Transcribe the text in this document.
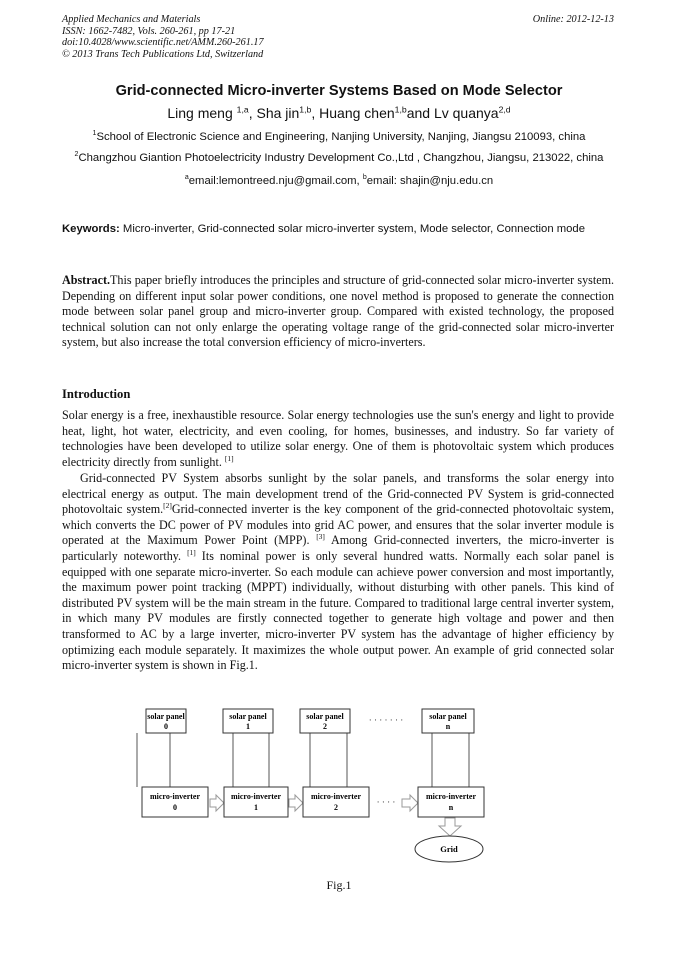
Applied Mechanics and Materials
ISSN: 1662-7482, Vols. 260-261, pp 17-21
doi:10.4028/www.scientific.net/AMM.260-261.17
© 2013 Trans Tech Publications Ltd, Switzerland
Online: 2012-12-13
Grid-connected Micro-inverter Systems Based on Mode Selector
Ling meng $^{1,a}$, Sha jin$^{1,b}$, Huang chen$^{1,b}$and Lv quanya$^{2,d}$
$^1$School of Electronic Science and Engineering, Nanjing University, Nanjing, Jiangsu 210093, china
$^2$Changzhou Giantion Photoelectricity Industry Development Co.,Ltd , Changzhou, Jiangsu, 213022, china
$^a$email:lemontreed.nju@gmail.com, $^b$email: shajin@nju.edu.cn
Keywords: Micro-inverter, Grid-connected solar micro-inverter system, Mode selector, Connection mode
Abstract.This paper briefly introduces the principles and structure of grid-connected solar micro-inverter system. Depending on different input solar power conditions, one novel method is proposed to generate the connection mode between solar panel group and micro-inverter group. Compared with existed technology, the proposed technical solution can not only enlarge the operating voltage range of the grid-connected solar micro-inverter system, but also increase the total conversion efficiency of micro-inverters.
Introduction
Solar energy is a free, inexhaustible resource. Solar energy technologies use the sun's energy and light to provide heat, light, hot water, electricity, and even cooling, for homes, businesses, and industry. So far variety of technologies have been developed to utilize solar energy. One of them is photovoltaic system which produces electricity directly from sunlight. [1]
Grid-connected PV System absorbs sunlight by the solar panels, and transforms the solar energy into electrical energy as output. The main development trend of the Grid-connected PV System is grid-connected photovoltaic system.[2]Grid-connected inverter is the key component of the grid-connected photovoltaic system, which converts the DC power of PV modules into grid AC power, and ensures that the solar inverter module is operated at the Maximum Power Point (MPP). [3] Among Grid-connected inverters, the micro-inverter is particularly noteworthy. [1] Its nominal power is only several hundred watts. Normally each solar panel is equipped with one separate micro-inverter. So each module can achieve power conversion and most importantly, the maximum power point tracking (MPPT) individually, without disturbing with other panels. This kind of distributed PV system will be the main stream in the future. Compared to traditional large central inverter system, in which many PV modules are firstly connected together to generate high voltage and power and then transformed to AC by a large inverter, micro-inverter PV system has the advantage of higher efficiency by optimizing each module separately. It maximizes the whole output power. An example of grid connected solar micro-inverter system is shown in Fig.1.
solar panel
0
solar panel
1
solar panel
2
solar panel
n
micro-inverter
0
micro-inverter
1
micro-inverter
2
micro-inverter
n
· · · · · · ·
· · · ·
Grid
Fig.1
